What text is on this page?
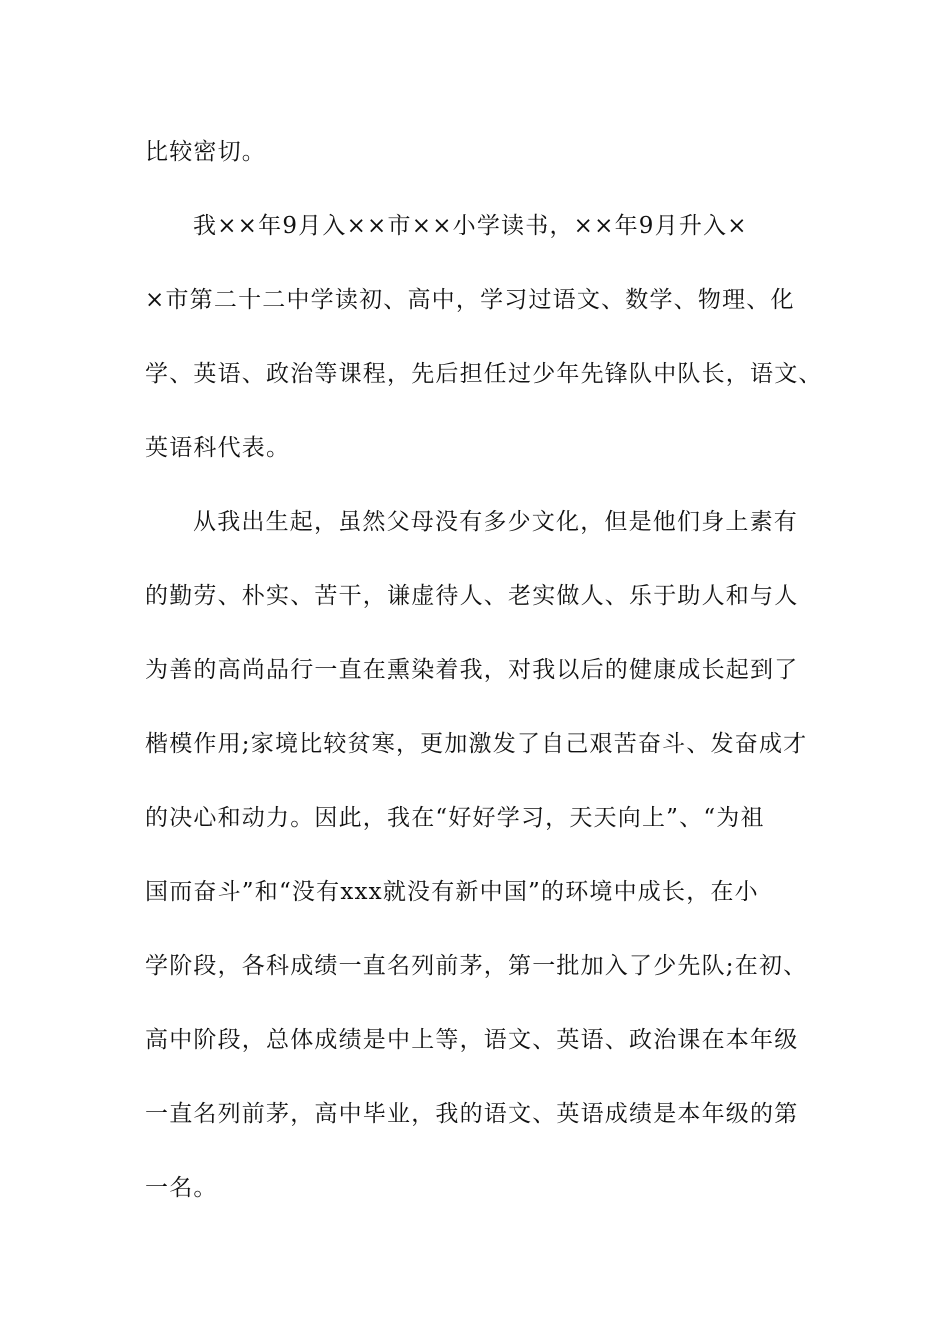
比较密切。
我××年9月入××市××小学读书，××年9月升入×
×市第二十二中学读初、高中，学习过语文、数学、物理、化
学、英语、政治等课程，先后担任过少年先锋队中队长，语文、
英语科代表。
从我出生起，虽然父母没有多少文化，但是他们身上素有
的勤劳、朴实、苦干，谦虚待人、老实做人、乐于助人和与人
为善的高尚品行一直在熏染着我，对我以后的健康成长起到了
楷模作用;家境比较贫寒，更加激发了自己艰苦奋斗、发奋成才
的决心和动力。因此，我在“好好学习，天天向上”、“为祖
国而奋斗”和“没有xxx就没有新中国”的环境中成长，在小
学阶段，各科成绩一直名列前茅，第一批加入了少先队;在初、
高中阶段，总体成绩是中上等，语文、英语、政治课在本年级
一直名列前茅，高中毕业，我的语文、英语成绩是本年级的第
一名。
